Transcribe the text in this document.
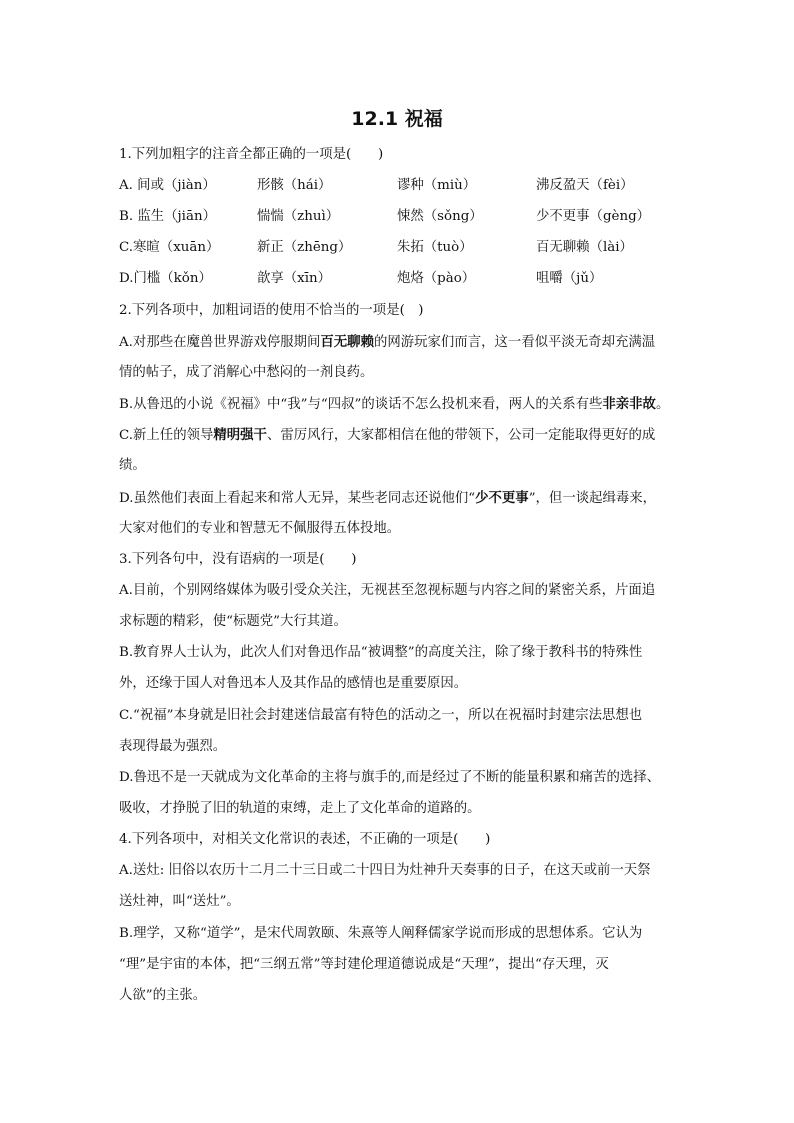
12.1 祝福
1.下列加粗字的注音全都正确的一项是(　　)
A. 间或（jiàn）	形骸（hái）	谬种（miù）	沸反盈天（fèi）
B. 监生（jiān）	惴惴（zhuì）	悚然（sǒng）	少不更事（gèng）
C.寒暄（xuān）	新正（zhēng）	朱拓（tuò）	百无聊赖（lài）
D.门槛（kǒn）	歆享（xīn）	炮烙（pào）	咀嚼（jǔ）
2.下列各项中，加粗词语的使用不恰当的一项是(　)
A.对那些在魔兽世界游戏停服期间百无聊赖的网游玩家们而言，这一看似平淡无奇却充满温
情的帖子，成了消解心中愁闷的一剂良药。
B.从鲁迅的小说《祝福》中“我”与“四叔”的谈话不怎么投机来看，两人的关系有些非亲非故。
C.新上任的领导精明强干、雷厉风行，大家都相信在他的带领下，公司一定能取得更好的成
绩。
D.虽然他们表面上看起来和常人无异，某些老同志还说他们“少不更事”，但一谈起缉毒来，
大家对他们的专业和智慧无不佩服得五体投地。
3.下列各句中，没有语病的一项是(　　)
A.目前，个别网络媒体为吸引受众关注，无视甚至忽视标题与内容之间的紧密关系，片面追
求标题的精彩，使“标题党”大行其道。
B.教育界人士认为，此次人们对鲁迅作品“被调整”的高度关注，除了缘于教科书的特殊性
外，还缘于国人对鲁迅本人及其作品的感情也是重要原因。
C.“祝福”本身就是旧社会封建迷信最富有特色的活动之一，所以在祝福时封建宗法思想也
表现得最为强烈。
D.鲁迅不是一天就成为文化革命的主将与旗手的,而是经过了不断的能量积累和痛苦的选择、
吸收，才挣脱了旧的轨道的束缚，走上了文化革命的道路的。
4.下列各项中，对相关文化常识的表述，不正确的一项是(　　)
A.送灶: 旧俗以农历十二月二十三日或二十四日为灶神升天奏事的日子，在这天或前一天祭
送灶神，叫“送灶”。
B.理学，又称“道学”，是宋代周敦颐、朱熹等人阐释儒家学说而形成的思想体系。它认为
“理”是宇宙的本体，把“三纲五常”等封建伦理道德说成是“天理”，提出“存天理，灭
人欲”的主张。
